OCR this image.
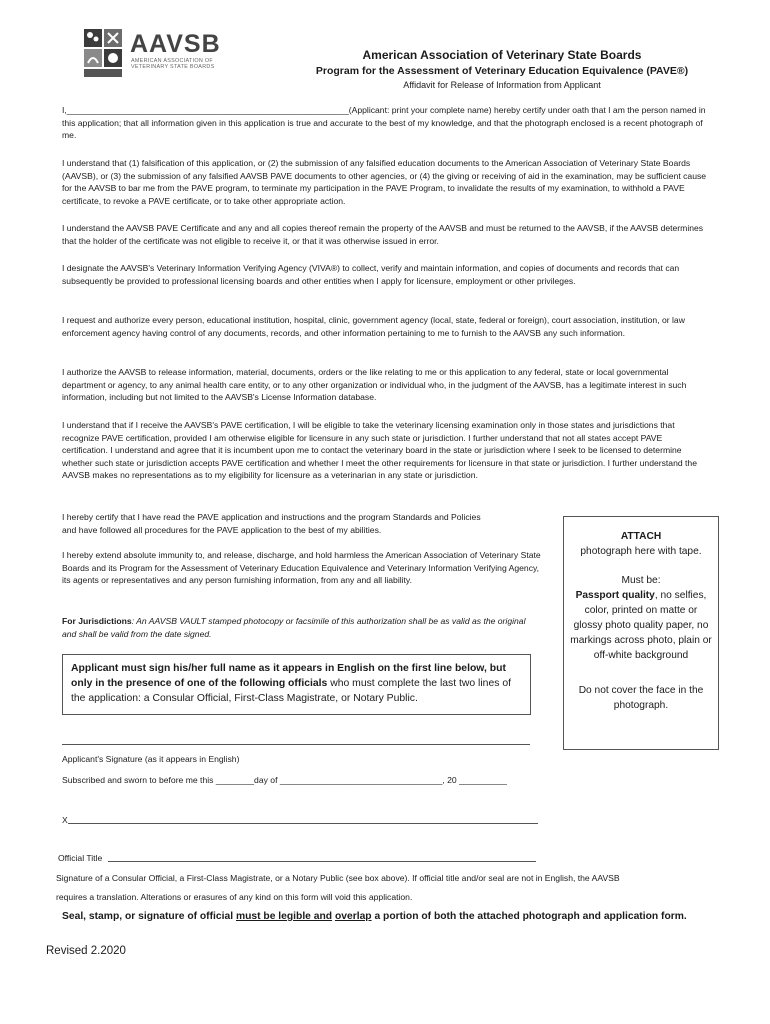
AAVSB
AMERICAN ASSOCIATION OF
VETERINARY STATE BOARDS
American Association of Veterinary State Boards
Program for the Assessment of Veterinary Education Equivalence (PAVE®)
Affidavit for Release of Information from Applicant

I,___________________________________________________________(Applicant: print your complete name) hereby certify under oath that I am the person named in this application; that all information given in this application is true and accurate to the best of my knowledge, and that the photograph enclosed is a recent photograph of me.

I understand that (1) falsification of this application, or (2) the submission of any falsified education documents to the American Association of Veterinary State Boards (AAVSB), or (3) the submission of any falsified AAVSB PAVE documents to other agencies, or (4) the giving or receiving of aid in the examination, may be sufficient cause for the AAVSB to bar me from the PAVE program, to terminate my participation in the PAVE Program, to invalidate the results of my examination, to withhold a PAVE certificate, to revoke a PAVE certificate, or to take other appropriate action.

I understand the AAVSB PAVE Certificate and any and all copies thereof remain the property of the AAVSB and must be returned to the AAVSB, if the AAVSB determines that the holder of the certificate was not eligible to receive it, or that it was otherwise issued in error.

I designate the AAVSB's Veterinary Information Verifying Agency (VIVA®) to collect, verify and maintain information, and copies of documents and records that can subsequently be provided to professional licensing boards and other entities when I apply for licensure, employment or other privileges.

I request and authorize every person, educational institution, hospital, clinic, government agency (local, state, federal or foreign), court association, institution, or law enforcement agency having control of any documents, records, and other information pertaining to me to furnish to the AAVSB any such information.

I authorize the AAVSB to release information, material, documents, orders or the like relating to me or this application to any federal, state or local governmental department or agency, to any animal health care entity, or to any other organization or individual who, in the judgment of the AAVSB, has a legitimate interest in such information, including but not limited to the AAVSB's License Information database.

I understand that if I receive the AAVSB's PAVE certification, I will be eligible to take the veterinary licensing examination only in those states and jurisdictions that recognize PAVE certification, provided I am otherwise eligible for licensure in any such state or jurisdiction. I further understand that not all states accept PAVE certification. I understand and agree that it is incumbent upon me to contact the veterinary board in the state or jurisdiction where I seek to be licensed to determine whether such state or jurisdiction accepts PAVE certification and whether I meet the other requirements for licensure in that state or jurisdiction. I further understand the AAVSB makes no representations as to my eligibility for licensure as a veterinarian in any state or jurisdiction.

I hereby certify that I have read the PAVE application and instructions and the program Standards and Policies and have followed all procedures for the PAVE application to the best of my abilities.

I hereby extend absolute immunity to, and release, discharge, and hold harmless the American Association of Veterinary State Boards and its Program for the Assessment of Veterinary Education Equivalence and Veterinary Information Verifying Agency, its agents or representatives and any person furnishing information, from any and all liability.

For Jurisdictions: An AAVSB VAULT stamped photocopy or facsimile of this authorization shall be as valid as the original and shall be valid from the date signed.

Applicant must sign his/her full name as it appears in English on the first line below, but only in the presence of one of the following officials who must complete the last two lines of the application: a Consular Official, First-Class Magistrate, or Notary Public.

ATTACH
photograph here with tape.
Must be:
Passport quality, no selfies, color, printed on matte or glossy photo quality paper, no markings across photo, plain or off-white background
Do not cover the face in the photograph.
Applicant's Signature (as it appears in English)
Subscribed and sworn to before me this ________day of __________________________________, 20 __________
X
Official Title
Signature of a Consular Official, a First-Class Magistrate, or a Notary Public (see box above). If official title and/or seal are not in English, the AAVSB
requires a translation. Alterations or erasures of any kind on this form will void this application.
Seal, stamp, or signature of official must be legible and overlap a portion of both the attached photograph and application form.
Revised 2.2020
